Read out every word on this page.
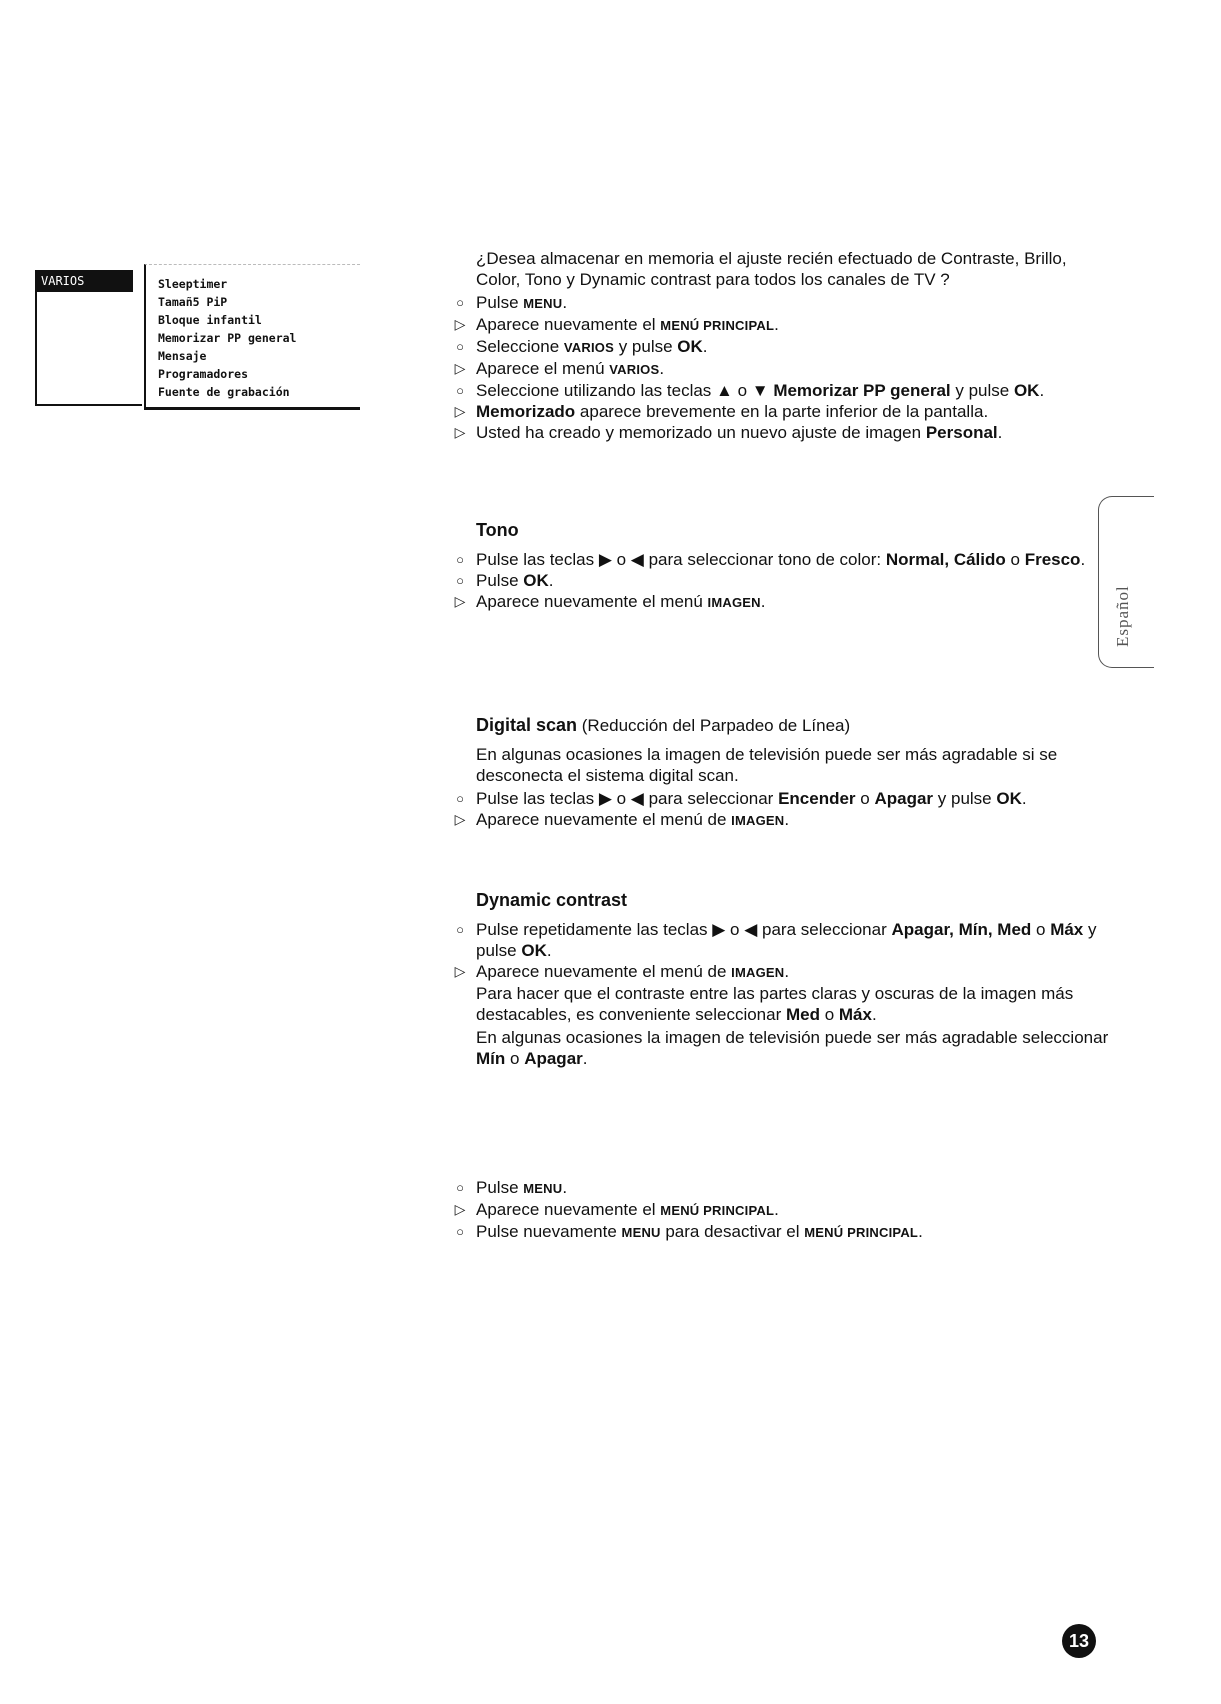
VARIOS	Sleeptimer
Tamañ5 PiP
Bloque infantil
Memorizar PP general
Mensaje
Programadores
Fuente de grabación

¿Desea almacenar en memoria el ajuste recién efectuado de Contraste, Brillo, Color, Tono y Dynamic contrast para todos los canales de TV ?

○ Pulse MENU.
▷ Aparece nuevamente el MENÚ PRINCIPAL.
○ Seleccione VARIOS y pulse OK.
▷ Aparece el menú VARIOS.
○ Seleccione utilizando las teclas ▲ o ▼ Memorizar PP general y pulse OK.
▷ Memorizado aparece brevemente en la parte inferior de la pantalla.
▷ Usted ha creado y memorizado un nuevo ajuste de imagen Personal.

Tono

○ Pulse las teclas ▶ o ◀ para seleccionar tono de color: Normal, Cálido o Fresco.
○ Pulse OK.
▷ Aparece nuevamente el menú IMAGEN.

Digital scan (Reducción del Parpadeo de Línea)

En algunas ocasiones la imagen de televisión puede ser más agradable si se desconecta el sistema digital scan.

○ Pulse las teclas ▶ o ◀ para seleccionar Encender o Apagar y pulse OK.
▷ Aparece nuevamente el menú de IMAGEN.

Dynamic contrast

○ Pulse repetidamente las teclas ▶ o ◀ para seleccionar Apagar, Mín, Med o Máx y pulse OK.
▷ Aparece nuevamente el menú de IMAGEN.

Para hacer que el contraste entre las partes claras y oscuras de la imagen más destacables, es conveniente seleccionar Med o Máx.

En algunas ocasiones la imagen de televisión puede ser más agradable seleccionar Mín o Apagar.

○ Pulse MENU.
▷ Aparece nuevamente el MENÚ PRINCIPAL.
○ Pulse nuevamente MENU para desactivar el MENÚ PRINCIPAL.
Español
13
